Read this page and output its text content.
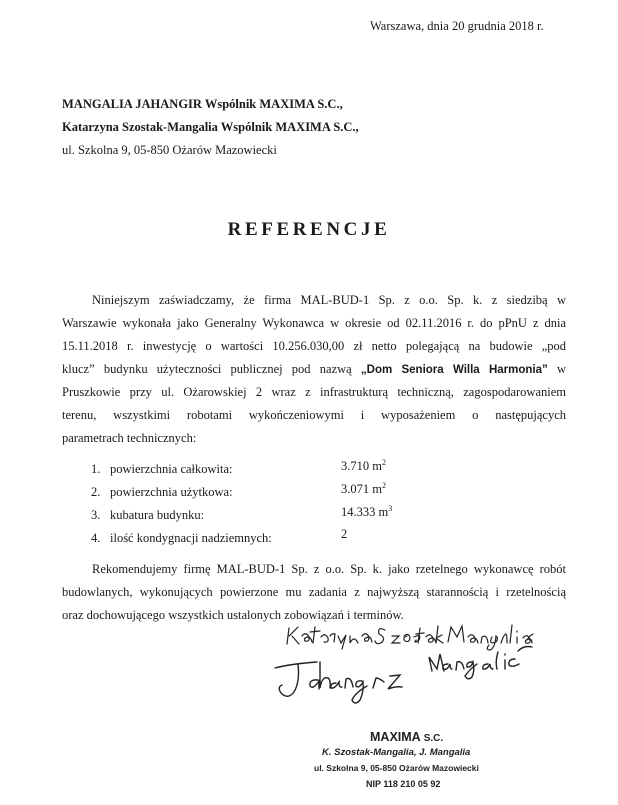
Warszawa, dnia 20 grudnia 2018 r.
MANGALIA JAHANGIR Wspólnik MAXIMA S.C.,
Katarzyna Szostak-Mangalia Wspólnik MAXIMA S.C.,
ul. Szkolna 9, 05-850 Ożarów Mazowiecki
REFERENCJE
Niniejszym zaświadczamy, że firma MAL-BUD-1 Sp. z o.o. Sp. k. z siedzibą w
Warszawie wykonała jako Generalny Wykonawca w okresie od 02.11.2016 r. do pPnU z dnia
15.11.2018 r. inwestycję o wartości 10.256.030,00 zł netto polegającą na budowie „pod
klucz” budynku użyteczności publicznej pod nazwą „Dom Seniora Willa Harmonia” w
Pruszkowie przy ul. Ożarowskiej 2 wraz z infrastrukturą techniczną, zagospodarowaniem
terenu, wszystkimi robotami wykończeniowymi i wyposażeniem o następujących
parametrach technicznych:
1. powierzchnia całkowita:	3.710 $m^2$
2. powierzchnia użytkowa:	3.071 $m^2$
3. kubatura budynku:	14.333 $m^3$
4. ilość kondygnacji nadziemnych:	2
Rekomendujemy firmę MAL-BUD-1 Sp. z o.o. Sp. k. jako rzetelnego wykonawcę robót
budowlanych, wykonujących powierzone mu zadania z najwyższą starannością i rzetelnością
oraz dochowującego wszystkich ustalonych zobowiązań i terminów.
MAXIMA S.C.
K. Szostak-Mangalia, J. Mangalia
ul. Szkolna 9, 05-850 Ożarów Mazowiecki
NIP 118 210 05 92
